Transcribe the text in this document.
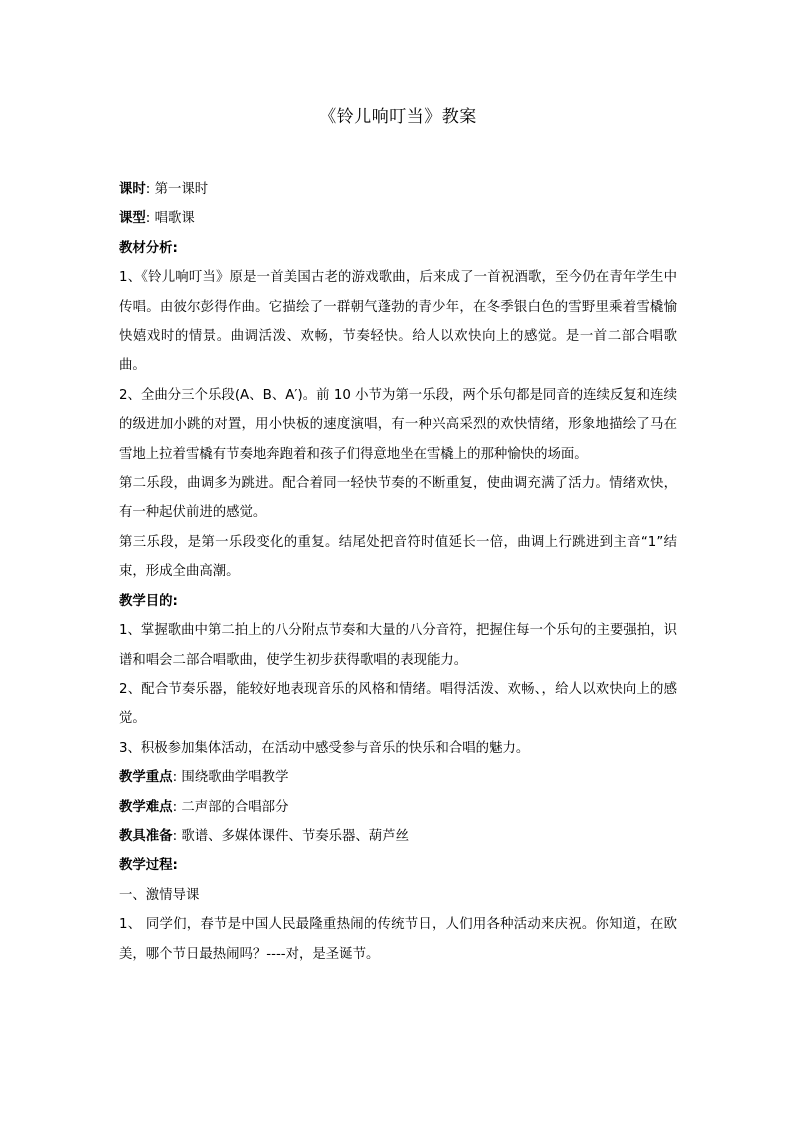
《铃儿响叮当》教案

课时: 第一课时

课型: 唱歌课

教材分析:

1、《铃儿响叮当》原是一首美国古老的游戏歌曲，后来成了一首祝酒歌，至今仍在青年学生中传唱。由彼尔彭得作曲。它描绘了一群朝气蓬勃的青少年，在冬季银白色的雪野里乘着雪橇愉快嬉戏时的情景。曲调活泼、欢畅，节奏轻快。给人以欢快向上的感觉。是一首二部合唱歌曲。

2、全曲分三个乐段(A、B、A′)。前 10 小节为第一乐段，两个乐句都是同音的连续反复和连续的级进加小跳的对置，用小快板的速度演唱，有一种兴高采烈的欢快情绪，形象地描绘了马在雪地上拉着雪橇有节奏地奔跑着和孩子们得意地坐在雪橇上的那种愉快的场面。

第二乐段，曲调多为跳进。配合着同一轻快节奏的不断重复，使曲调充满了活力。情绪欢快，有一种起伏前进的感觉。

第三乐段，是第一乐段变化的重复。结尾处把音符时值延长一倍，曲调上行跳进到主音“1”结束，形成全曲高潮。

教学目的:

1、掌握歌曲中第二拍上的八分附点节奏和大量的八分音符，把握住每一个乐句的主要强拍，识谱和唱会二部合唱歌曲，使学生初步获得歌唱的表现能力。

2、配合节奏乐器，能较好地表现音乐的风格和情绪。唱得活泼、欢畅、，给人以欢快向上的感觉。

3、积极参加集体活动，在活动中感受参与音乐的快乐和合唱的魅力。

教学重点: 围绕歌曲学唱教学

教学难点: 二声部的合唱部分

教具准备: 歌谱、多媒体课件、节奏乐器、葫芦丝

教学过程:

一、激情导课

1、 同学们，春节是中国人民最隆重热闹的传统节日，人们用各种活动来庆祝。你知道，在欧美，哪个节日最热闹吗？----对，是圣诞节。
